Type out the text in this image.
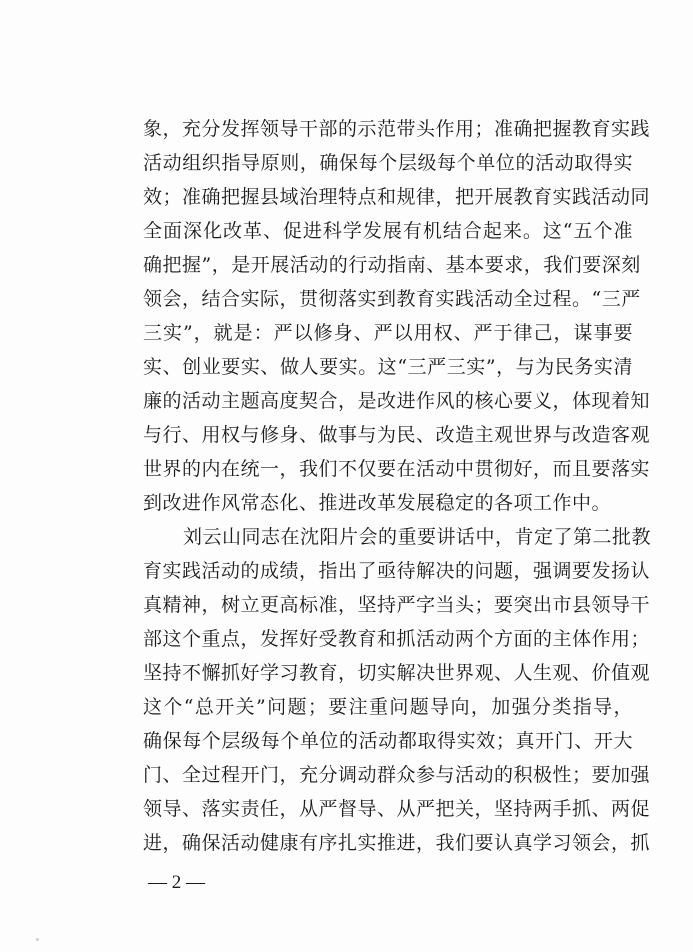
象，充分发挥领导干部的示范带头作用；准确把握教育实践
活动组织指导原则，确保每个层级每个单位的活动取得实
效；准确把握县域治理特点和规律，把开展教育实践活动同
全面深化改革、促进科学发展有机结合起来。这“五个准
确把握”，是开展活动的行动指南、基本要求，我们要深刻
领会，结合实际，贯彻落实到教育实践活动全过程。“三严
三实”，就是：严以修身、严以用权、严于律己，谋事要
实、创业要实、做人要实。这“三严三实”，与为民务实清
廉的活动主题高度契合，是改进作风的核心要义，体现着知
与行、用权与修身、做事与为民、改造主观世界与改造客观
世界的内在统一，我们不仅要在活动中贯彻好，而且要落实
到改进作风常态化、推进改革发展稳定的各项工作中。
刘云山同志在沈阳片会的重要讲话中，肯定了第二批教
育实践活动的成绩，指出了亟待解决的问题，强调要发扬认
真精神，树立更高标准，坚持严字当头；要突出市县领导干
部这个重点，发挥好受教育和抓活动两个方面的主体作用；
坚持不懈抓好学习教育，切实解决世界观、人生观、价值观
这个“总开关”问题；要注重问题导向，加强分类指导，
确保每个层级每个单位的活动都取得实效；真开门、开大
门、全过程开门，充分调动群众参与活动的积极性；要加强
领导、落实责任，从严督导、从严把关，坚持两手抓、两促
进，确保活动健康有序扎实推进，我们要认真学习领会，抓
— 2 —
